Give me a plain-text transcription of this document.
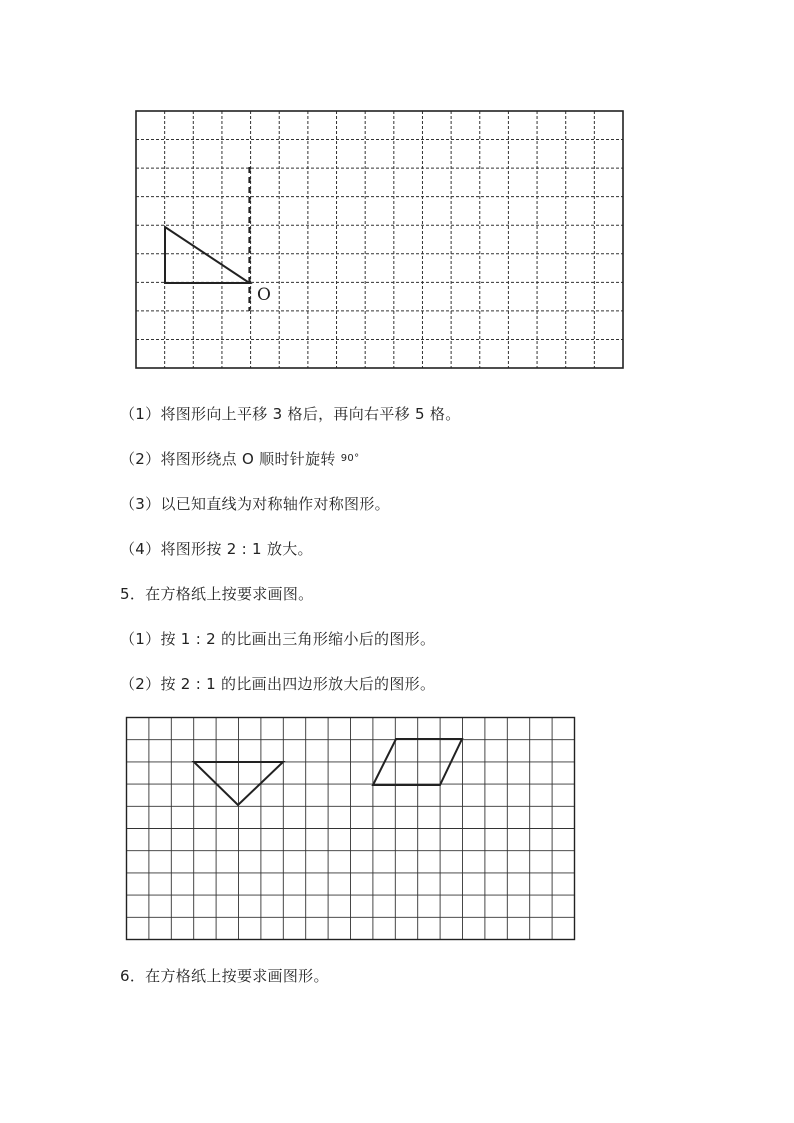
O
（1）将图形向上平移 3 格后，再向右平移 5 格。
（2）将图形绕点 O 顺时针旋转 $^{90^\circ}$
（3）以已知直线为对称轴作对称图形。
（4）将图形按 2 : 1 放大。
5．在方格纸上按要求画图。
（1）按 1 : 2 的比画出三角形缩小后的图形。
（2）按 2 : 1 的比画出四边形放大后的图形。
6．在方格纸上按要求画图形。
